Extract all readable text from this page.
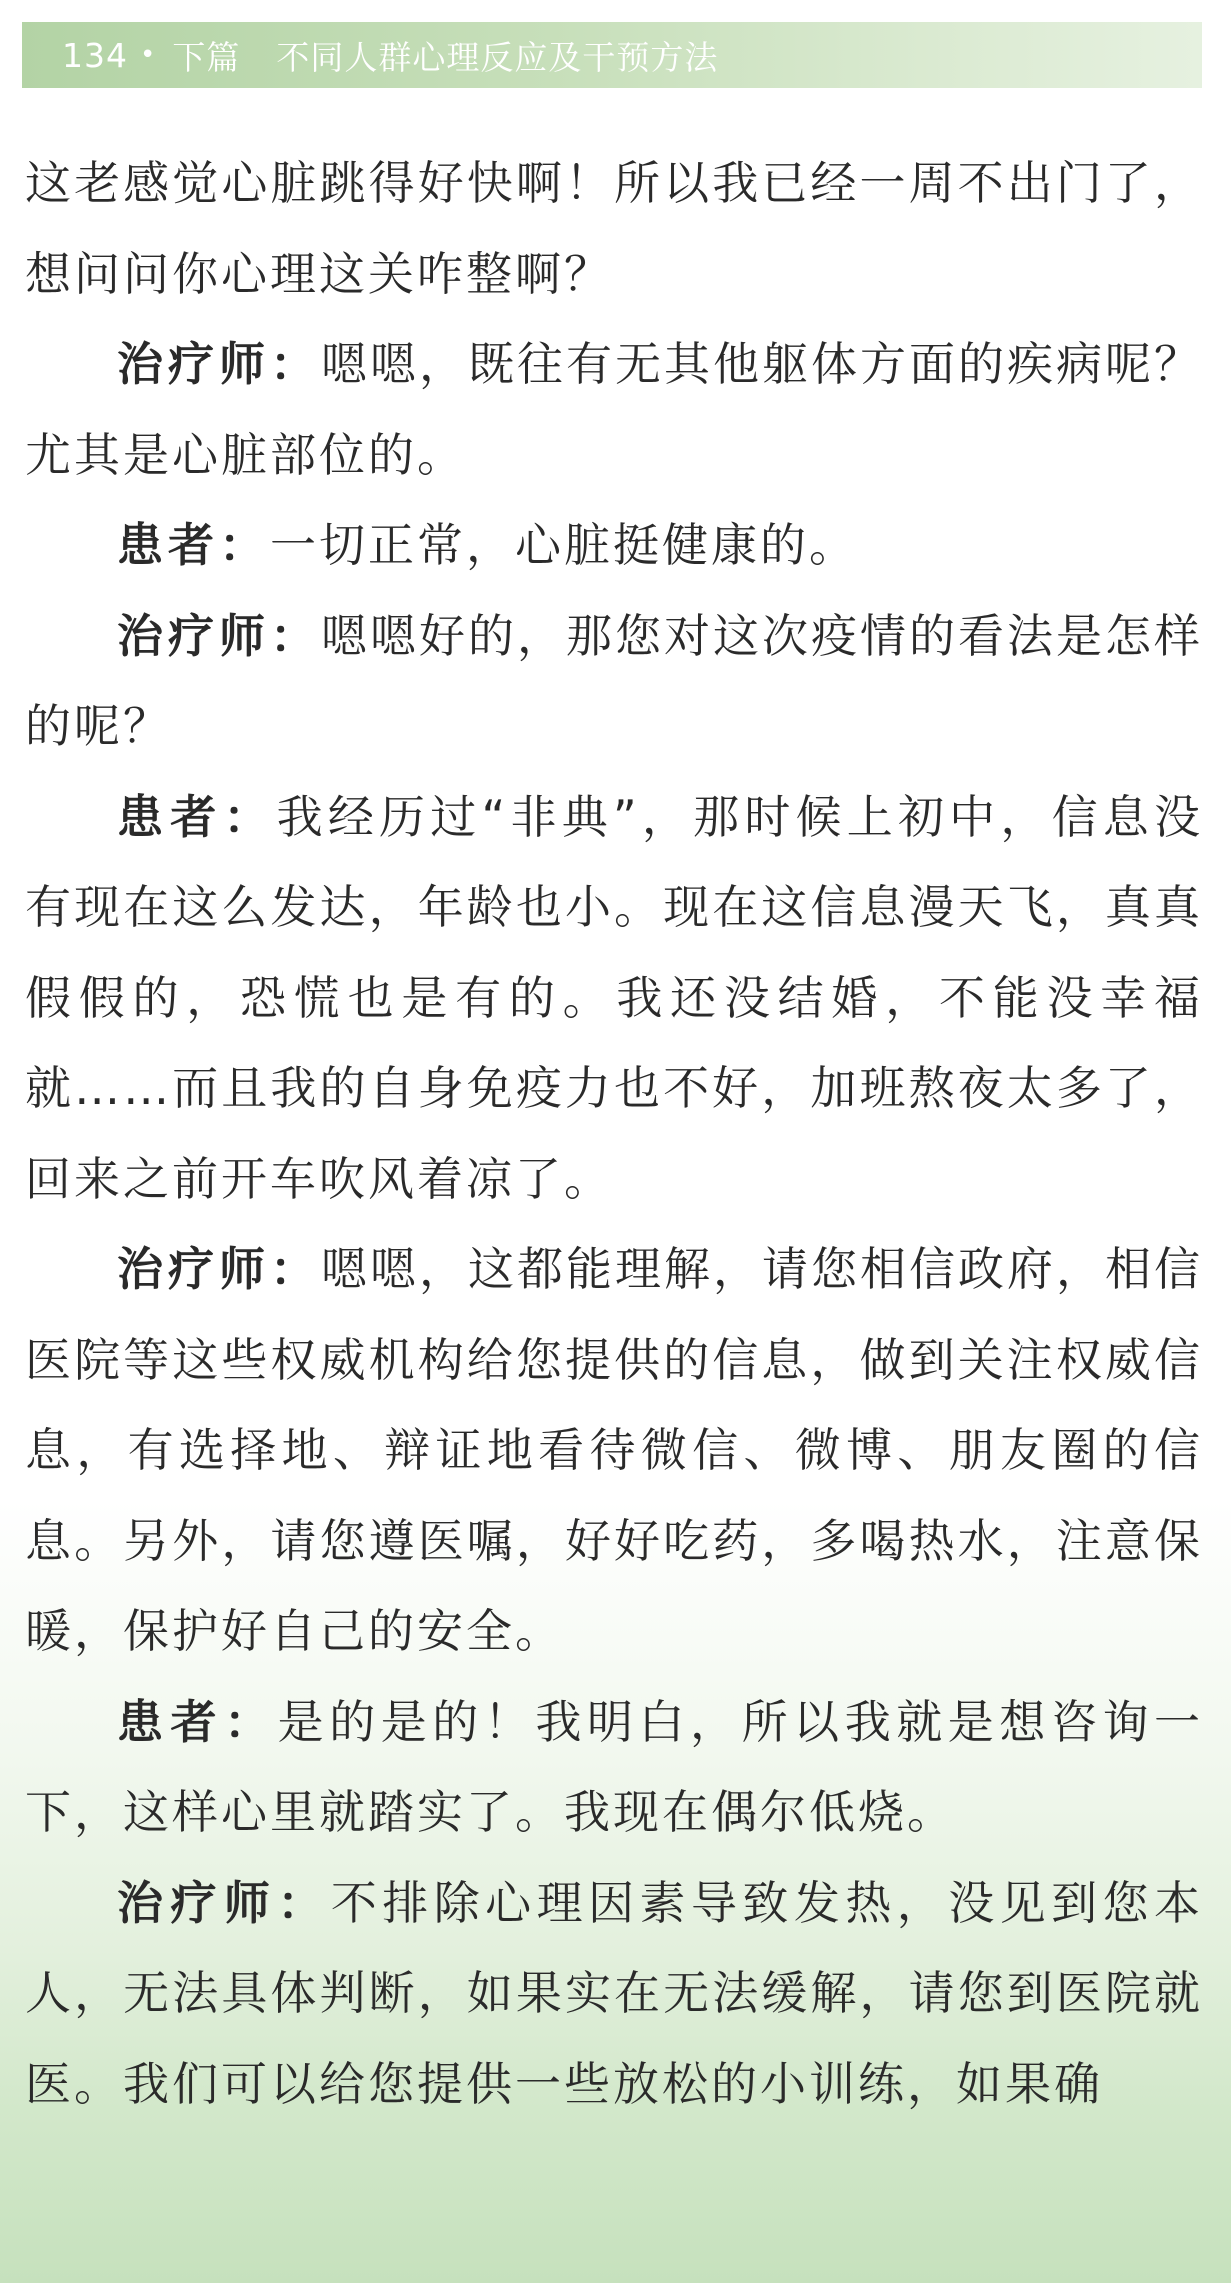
134 • 下篇 不同人群心理反应及干预方法

这老感觉心脏跳得好快啊！所以我已经一周不出门了，想问问你心理这关咋整啊？

治疗师：嗯嗯，既往有无其他躯体方面的疾病呢？尤其是心脏部位的。

患者：一切正常，心脏挺健康的。

治疗师：嗯嗯好的，那您对这次疫情的看法是怎样的呢？

患者：我经历过“非典”，那时候上初中，信息没有现在这么发达，年龄也小。现在这信息漫天飞，真真假假的，恐慌也是有的。我还没结婚，不能没幸福就……而且我的自身免疫力也不好，加班熬夜太多了，回来之前开车吹风着凉了。

治疗师：嗯嗯，这都能理解，请您相信政府，相信医院等这些权威机构给您提供的信息，做到关注权威信息，有选择地、辩证地看待微信、微博、朋友圈的信息。另外，请您遵医嘱，好好吃药，多喝热水，注意保暖，保护好自己的安全。

患者：是的是的！我明白，所以我就是想咨询一下，这样心里就踏实了。我现在偶尔低烧。

治疗师：不排除心理因素导致发热，没见到您本人，无法具体判断，如果实在无法缓解，请您到医院就医。我们可以给您提供一些放松的小训练，如果确
